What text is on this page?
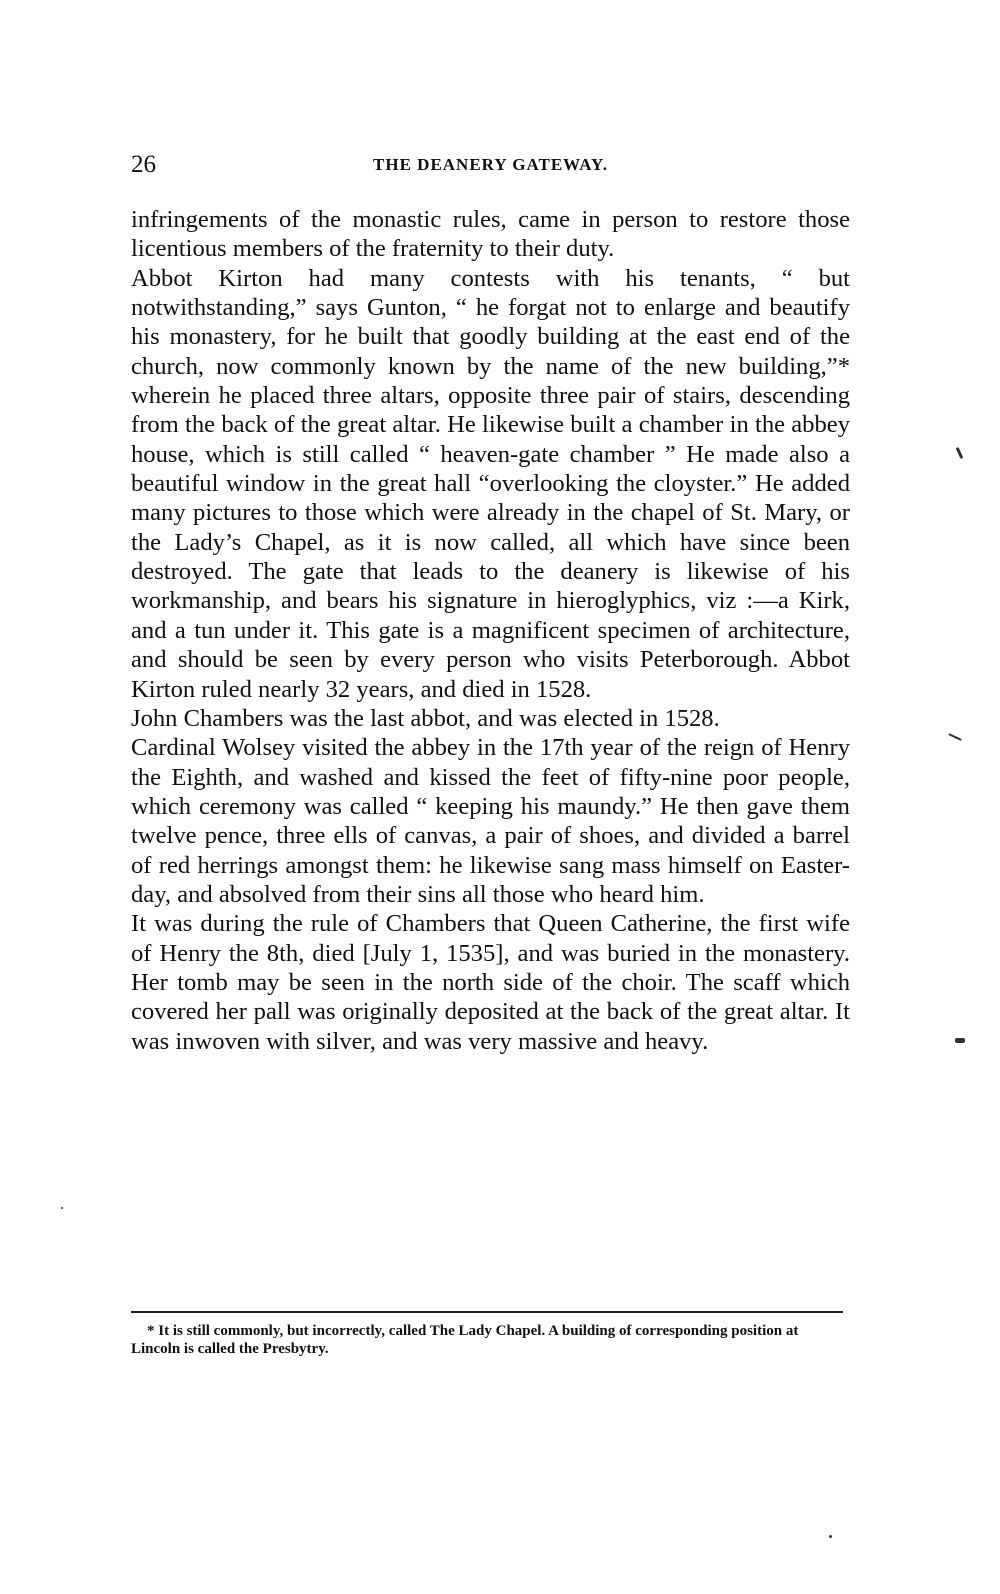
26	THE DEANERY GATEWAY.

infringements of the monastic rules, came in person to restore those licentious members of the fraternity to their duty.

Abbot Kirton had many contests with his tenants, “ but notwithstanding,” says Gunton, “ he forgat not to enlarge and beautify his monastery, for he built that goodly building at the east end of the church, now commonly known by the name of the new building,”* wherein he placed three altars, opposite three pair of stairs, descending from the back of the great altar. He likewise built a chamber in the abbey house, which is still called “ heaven-gate chamber ” He made also a beautiful window in the great hall “overlooking the cloyster.” He added many pictures to those which were already in the chapel of St. Mary, or the Lady’s Chapel, as it is now called, all which have since been destroyed. The gate that leads to the deanery is likewise of his workmanship, and bears his signature in hieroglyphics, viz :—a Kirk, and a tun under it. This gate is a magnificent specimen of architecture, and should be seen by every person who visits Peterborough. Abbot Kirton ruled nearly 32 years, and died in 1528.

John Chambers was the last abbot, and was elected in 1528.

Cardinal Wolsey visited the abbey in the 17th year of the reign of Henry the Eighth, and washed and kissed the feet of fifty-nine poor people, which ceremony was called “ keeping his maundy.” He then gave them twelve pence, three ells of canvas, a pair of shoes, and divided a barrel of red herrings amongst them: he likewise sang mass himself on Easter-day, and absolved from their sins all those who heard him.

It was during the rule of Chambers that Queen Catherine, the first wife of Henry the 8th, died [July 1, 1535], and was buried in the monastery. Her tomb may be seen in the north side of the choir. The scaff which covered her pall was originally deposited at the back of the great altar. It was inwoven with silver, and was very massive and heavy.

* It is still commonly, but incorrectly, called The Lady Chapel. A building of corresponding position at Lincoln is called the Presbytry.
